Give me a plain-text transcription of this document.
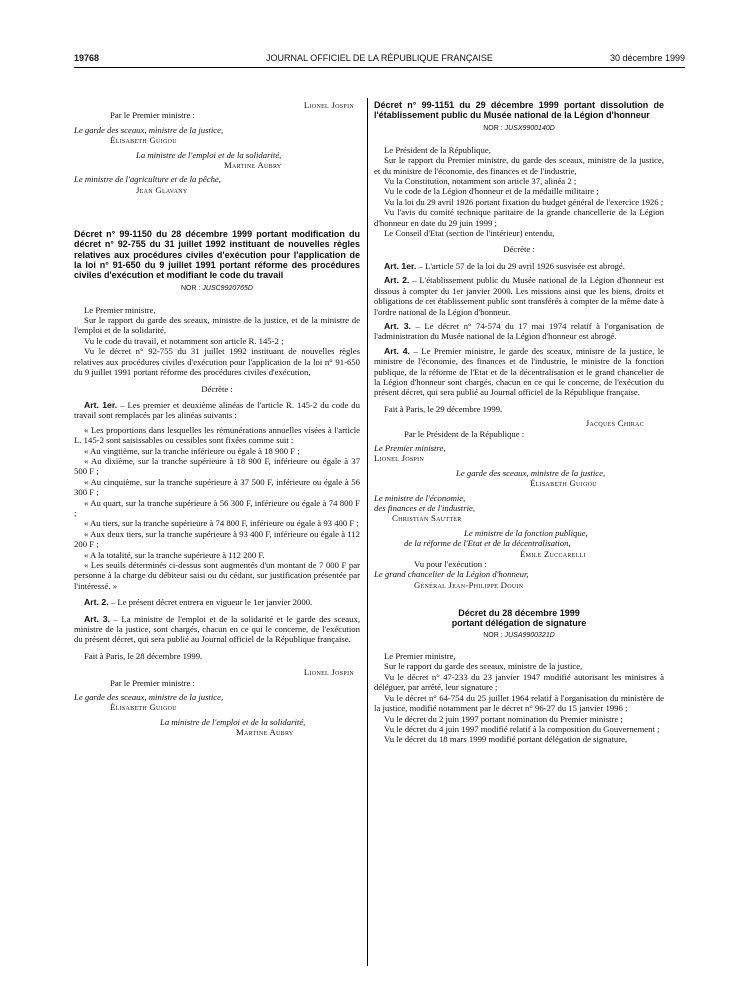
19768	JOURNAL OFFICIEL DE LA RÉPUBLIQUE FRANÇAISE	30 décembre 1999

Lionel Jospin

Par le Premier ministre :

Le garde des sceaux, ministre de la justice,

Élisabeth Guigou

La ministre de l'emploi et de la solidarité,

Martine Aubry

Le ministre de l'agriculture et de la pêche,

Jean Glavany

Décret n° 99-1150 du 28 décembre 1999 portant modification du décret n° 92-755 du 31 juillet 1992 instituant de nouvelles règles relatives aux procédures civiles d'exécution pour l'application de la loi n° 91-650 du 9 juillet 1991 portant réforme des procédures civiles d'exécution et modifiant le code du travail

NOR : JUSC9920765D

Le Premier ministre,

Sur le rapport du garde des sceaux, ministre de la justice, et de la ministre de l'emploi et de la solidarité,

Vu le code du travail, et notamment son article R. 145-2 ;

Vu le décret n° 92-755 du 31 juillet 1992 instituant de nouvelles règles relatives aux procédures civiles d'exécution pour l'application de la loi n° 91-650 du 9 juillet 1991 portant réforme des procédures civiles d'exécution,

Décrète :

Art. 1er. – Les premier et deuxième alinéas de l'article R. 145-2 du code du travail sont remplacés par les alinéas suivants :

« Les proportions dans lesquelles les rémunérations annuelles visées à l'article L. 145-2 sont saisissables ou cessibles sont fixées comme suit :

« Au vingtième, sur la tranche inférieure ou égale à 18 900 F ;

« Au dixième, sur la tranche supérieure à 18 900 F, inférieure ou égale à 37 500 F ;

« Au cinquième, sur la tranche supérieure à 37 500 F, inférieure ou égale à 56 300 F ;

« Au quart, sur la tranche supérieure à 56 300 F, inférieure ou égale à 74 800 F ;

« Au tiers, sur la tranche supérieure à 74 800 F, inférieure ou égale à 93 400 F ;

« Aux deux tiers, sur la tranche supérieure à 93 400 F, inférieure ou égale à 112 200 F ;

« A la totalité, sur la tranche supérieure à 112 200 F.

« Les seuils déterminés ci-dessus sont augmentés d'un montant de 7 000 F par personne à la charge du débiteur saisi ou du cédant, sur justification présentée par l'intéressé. »

Art. 2. – Le présent décret entrera en vigueur le 1er janvier 2000.

Art. 3. – La ministre de l'emploi et de la solidarité et le garde des sceaux, ministre de la justice, sont chargés, chacun en ce qui le concerne, de l'exécution du présent décret, qui sera publié au Journal officiel de la République française.

Fait à Paris, le 28 décembre 1999.

Lionel Jospin

Par le Premier ministre :

Le garde des sceaux, ministre de la justice,

Élisabeth Guigou

La ministre de l'emploi et de la solidarité,

Martine Aubry

Décret n° 99-1151 du 29 décembre 1999 portant dissolution de l'établissement public du Musée national de la Légion d'honneur

NOR : JUSX9900140D

Le Président de la République,

Sur le rapport du Premier ministre, du garde des sceaux, ministre de la justice, et du ministre de l'économie, des finances et de l'industrie,

Vu la Constitution, notamment son article 37, alinéa 2 ;

Vu le code de la Légion d'honneur et de la médaille militaire ;

Vu la loi du 29 avril 1926 portant fixation du budget général de l'exercice 1926 ;

Vu l'avis du comité technique paritaire de la grande chancellerie de la Légion d'honneur en date du 29 juin 1999 ;

Le Conseil d'Etat (section de l'intérieur) entendu,

Décrète :

Art. 1er. – L'article 57 de la loi du 29 avril 1926 susvisée est abrogé.

Art. 2. – L'établissement public du Musée national de la Légion d'honneur est dissous à compter du 1er janvier 2000. Les missions ainsi que les biens, droits et obligations de cet établissement public sont transférés à compter de la même date à l'ordre national de la Légion d'honneur.

Art. 3. – Le décret n° 74-574 du 17 mai 1974 relatif à l'organisation de l'administration du Musée national de la Légion d'honneur est abrogé.

Art. 4. – Le Premier ministre, le garde des sceaux, ministre de la justice, le ministre de l'économie, des finances et de l'industrie, le ministre de la fonction publique, de la réforme de l'Etat et de la décentralisation et le grand chancelier de la Légion d'honneur sont chargés, chacun en ce qui le concerne, de l'exécution du présent décret, qui sera publié au Journal officiel de la République française.

Fait à Paris, le 29 décembre 1999.

Jacques Chirac

Par le Président de la République :

Le Premier ministre,

Lionel Jospin

Le garde des sceaux, ministre de la justice,

Élisabeth Guigou

Le ministre de l'économie,

des finances et de l'industrie,

Christian Sautter

Le ministre de la fonction publique,

de la réforme de l'Etat et de la décentralisation,

Émile Zuccarelli

Vu pour l'exécution :

Le grand chancelier de la Légion d'honneur,

Général Jean-Philippe Douin

Décret du 28 décembre 1999

portant délégation de signature

NOR : JUSA9900321D

Le Premier ministre,

Sur le rapport du garde des sceaux, ministre de la justice,

Vu le décret n° 47-233 du 23 janvier 1947 modifié autorisant les ministres à déléguer, par arrêté, leur signature ;

Vu le décret n° 64-754 du 25 juillet 1964 relatif à l'organisation du ministère de la justice, modifié notamment par le décret n° 96-27 du 15 janvier 1996 ;

Vu le décret du 2 juin 1997 portant nomination du Premier ministre ;

Vu le décret du 4 juin 1997 modifié relatif à la composition du Gouvernement ;

Vu le décret du 18 mars 1999 modifié portant délégation de signature,
